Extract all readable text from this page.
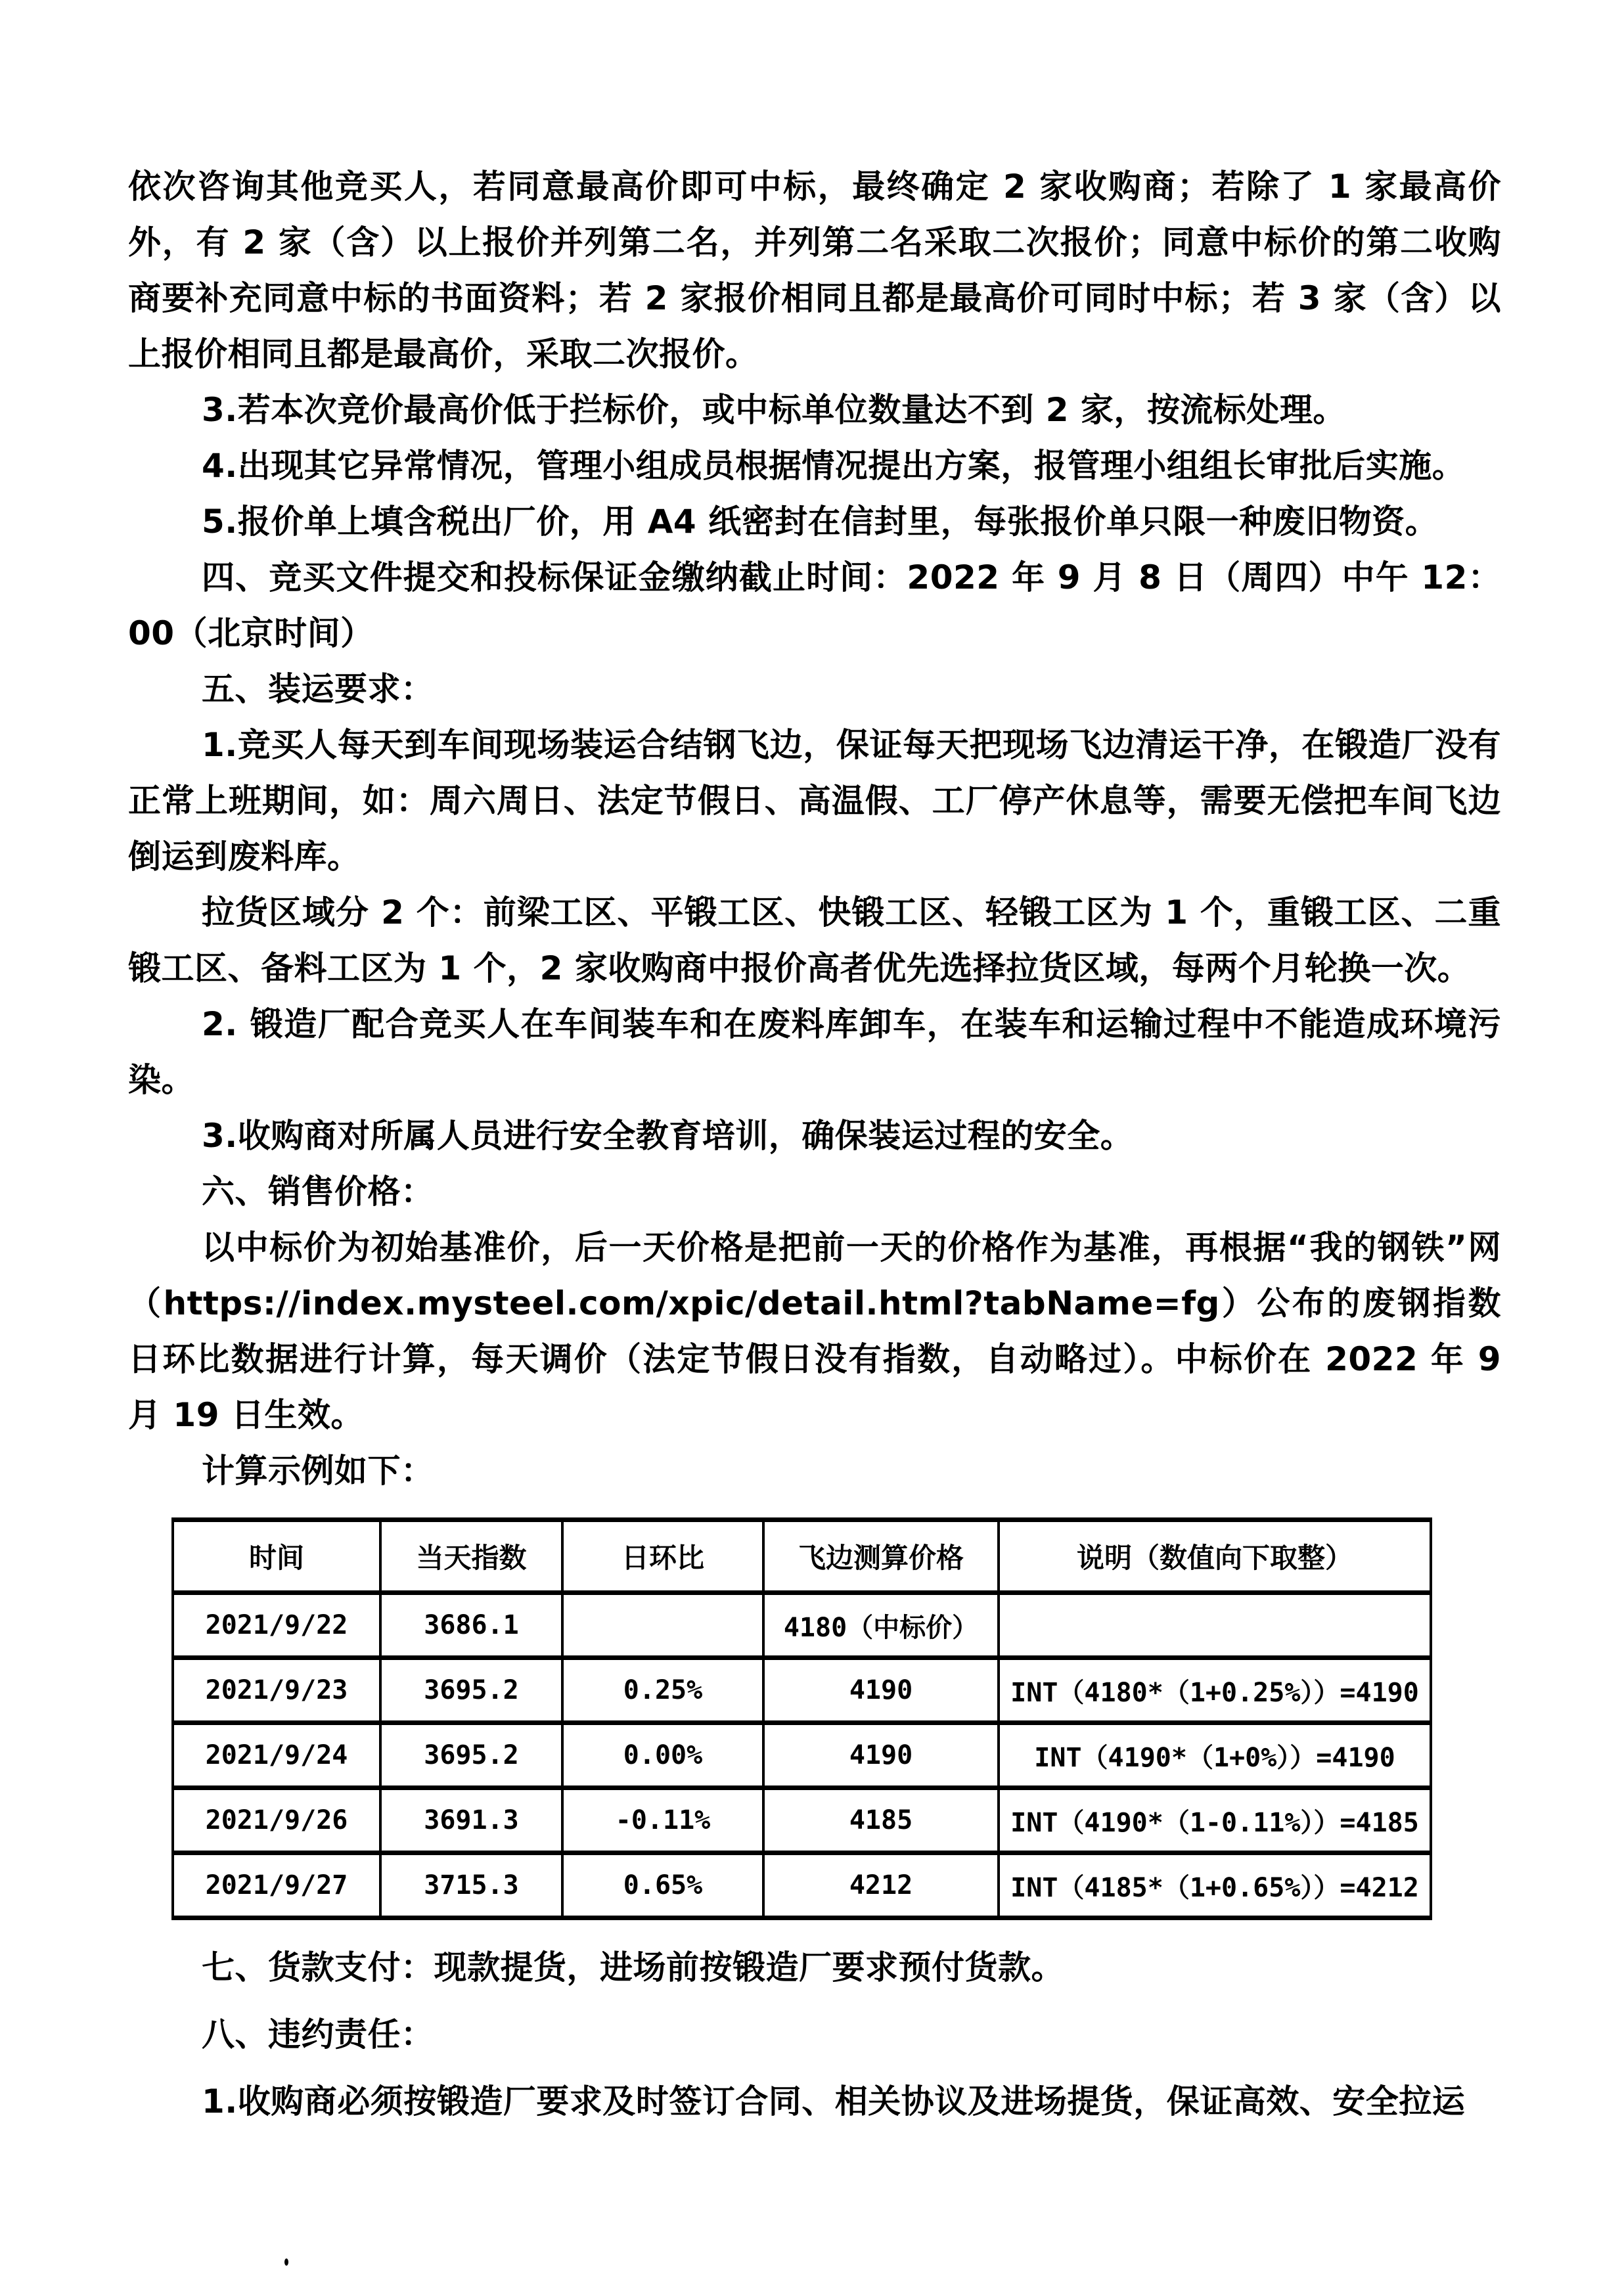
依次咨询其他竞买人，若同意最高价即可中标，最终确定 2 家收购商；若除了 1 家最高价外，有 2 家（含）以上报价并列第二名，并列第二名采取二次报价；同意中标价的第二收购商要补充同意中标的书面资料；若 2 家报价相同且都是最高价可同时中标；若 3 家（含）以上报价相同且都是最高价，采取二次报价。

3.若本次竞价最高价低于拦标价，或中标单位数量达不到 2 家，按流标处理。

4.出现其它异常情况，管理小组成员根据情况提出方案，报管理小组组长审批后实施。

5.报价单上填含税出厂价，用 A4 纸密封在信封里，每张报价单只限一种废旧物资。

四、竞买文件提交和投标保证金缴纳截止时间：2022 年 9 月 8 日（周四）中午 12：00（北京时间）

五、装运要求：

1.竞买人每天到车间现场装运合结钢飞边，保证每天把现场飞边清运干净，在锻造厂没有正常上班期间，如：周六周日、法定节假日、高温假、工厂停产休息等，需要无偿把车间飞边倒运到废料库。

拉货区域分 2 个：前梁工区、平锻工区、快锻工区、轻锻工区为 1 个，重锻工区、二重锻工区、备料工区为 1 个，2 家收购商中报价高者优先选择拉货区域，每两个月轮换一次。

2. 锻造厂配合竞买人在车间装车和在废料库卸车，在装车和运输过程中不能造成环境污染。

3.收购商对所属人员进行安全教育培训，确保装运过程的安全。

六、销售价格：

以中标价为初始基准价，后一天价格是把前一天的价格作为基准，再根据“我的钢铁”网（https://index.mysteel.com/xpic/detail.html?tabName=fg）公布的废钢指数日环比数据进行计算，每天调价（法定节假日没有指数，自动略过）。中标价在 2022 年 9 月 19 日生效。

计算示例如下：

时间	当天指数	日环比	飞边测算价格	说明（数值向下取整）
2021/9/22	3686.1		4180（中标价）	
2021/9/23	3695.2	0.25%	4190	INT（4180*（1+0.25%））=4190
2021/9/24	3695.2	0.00%	4190	INT（4190*（1+0%））=4190
2021/9/26	3691.3	-0.11%	4185	INT（4190*（1-0.11%））=4185
2021/9/27	3715.3	0.65%	4212	INT（4185*（1+0.65%））=4212

七、货款支付：现款提货，进场前按锻造厂要求预付货款。

八、违约责任：

1.收购商必须按锻造厂要求及时签订合同、相关协议及进场提货，保证高效、安全拉运
